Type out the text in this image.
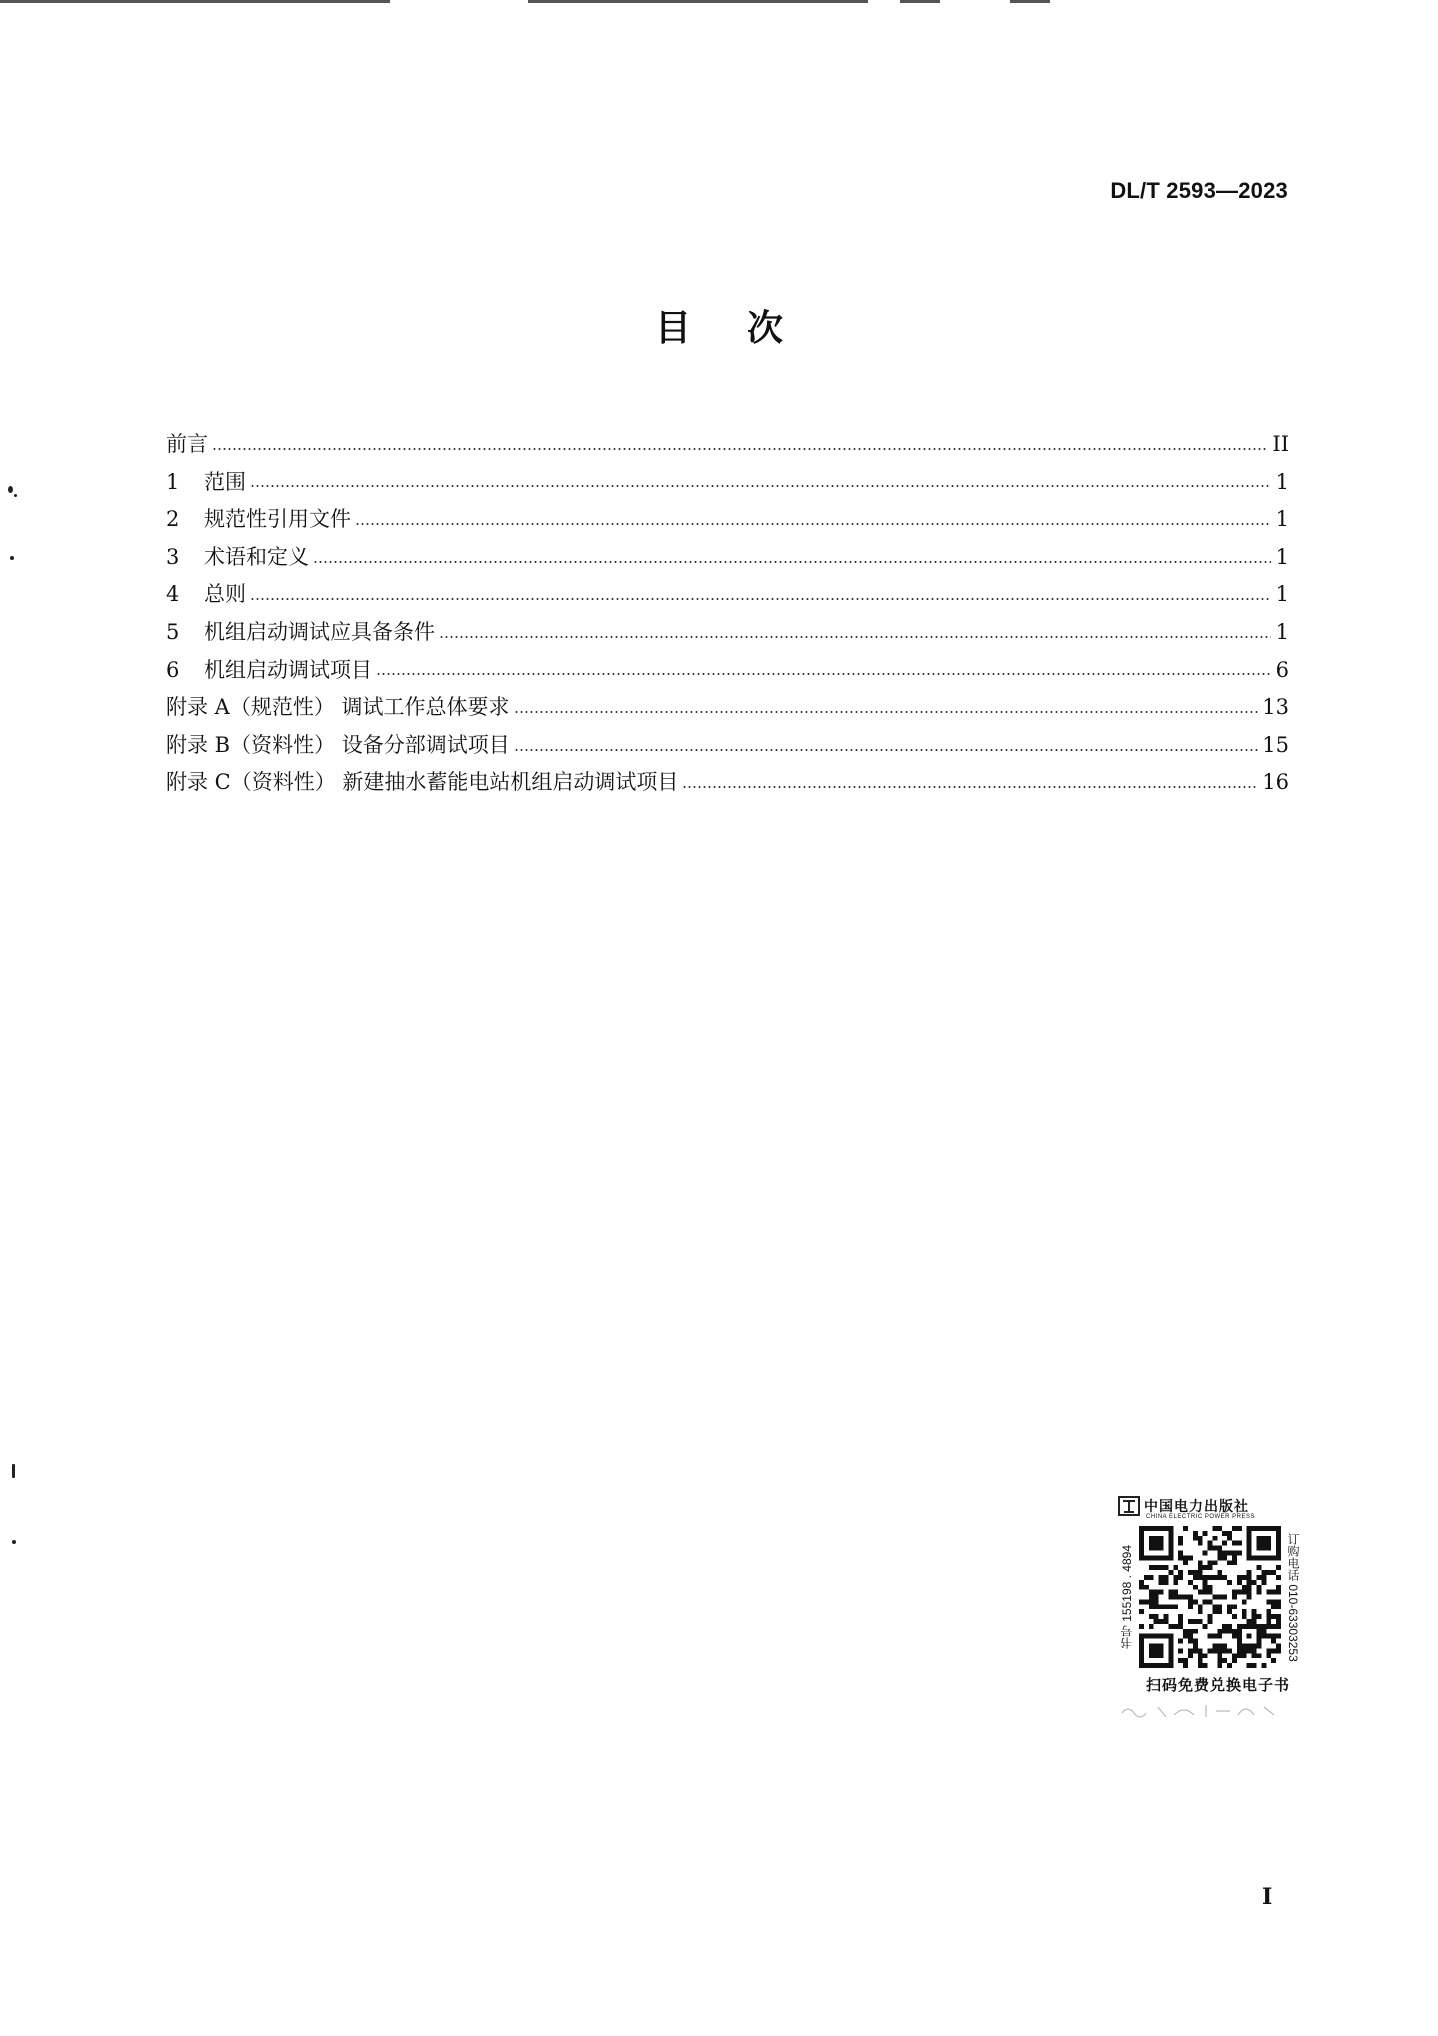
DL/T 2593—2023
目次
前言	II
1	范围	1
2	规范性引用文件	1
3	术语和定义	1
4	总则	1
5	机组启动调试应具备条件	1
6	机组启动调试项目	6
附录 A（规范性） 调试工作总体要求	13
附录 B（资料性） 设备分部调试项目	15
附录 C（资料性） 新建抽水蓄能电站机组启动调试项目	16
中国电力出版社
CHINA ELECTRIC POWER PRESS
书号 155198 . 4894	订购电话 010-63303253
扫码免费兑换电子书
I
